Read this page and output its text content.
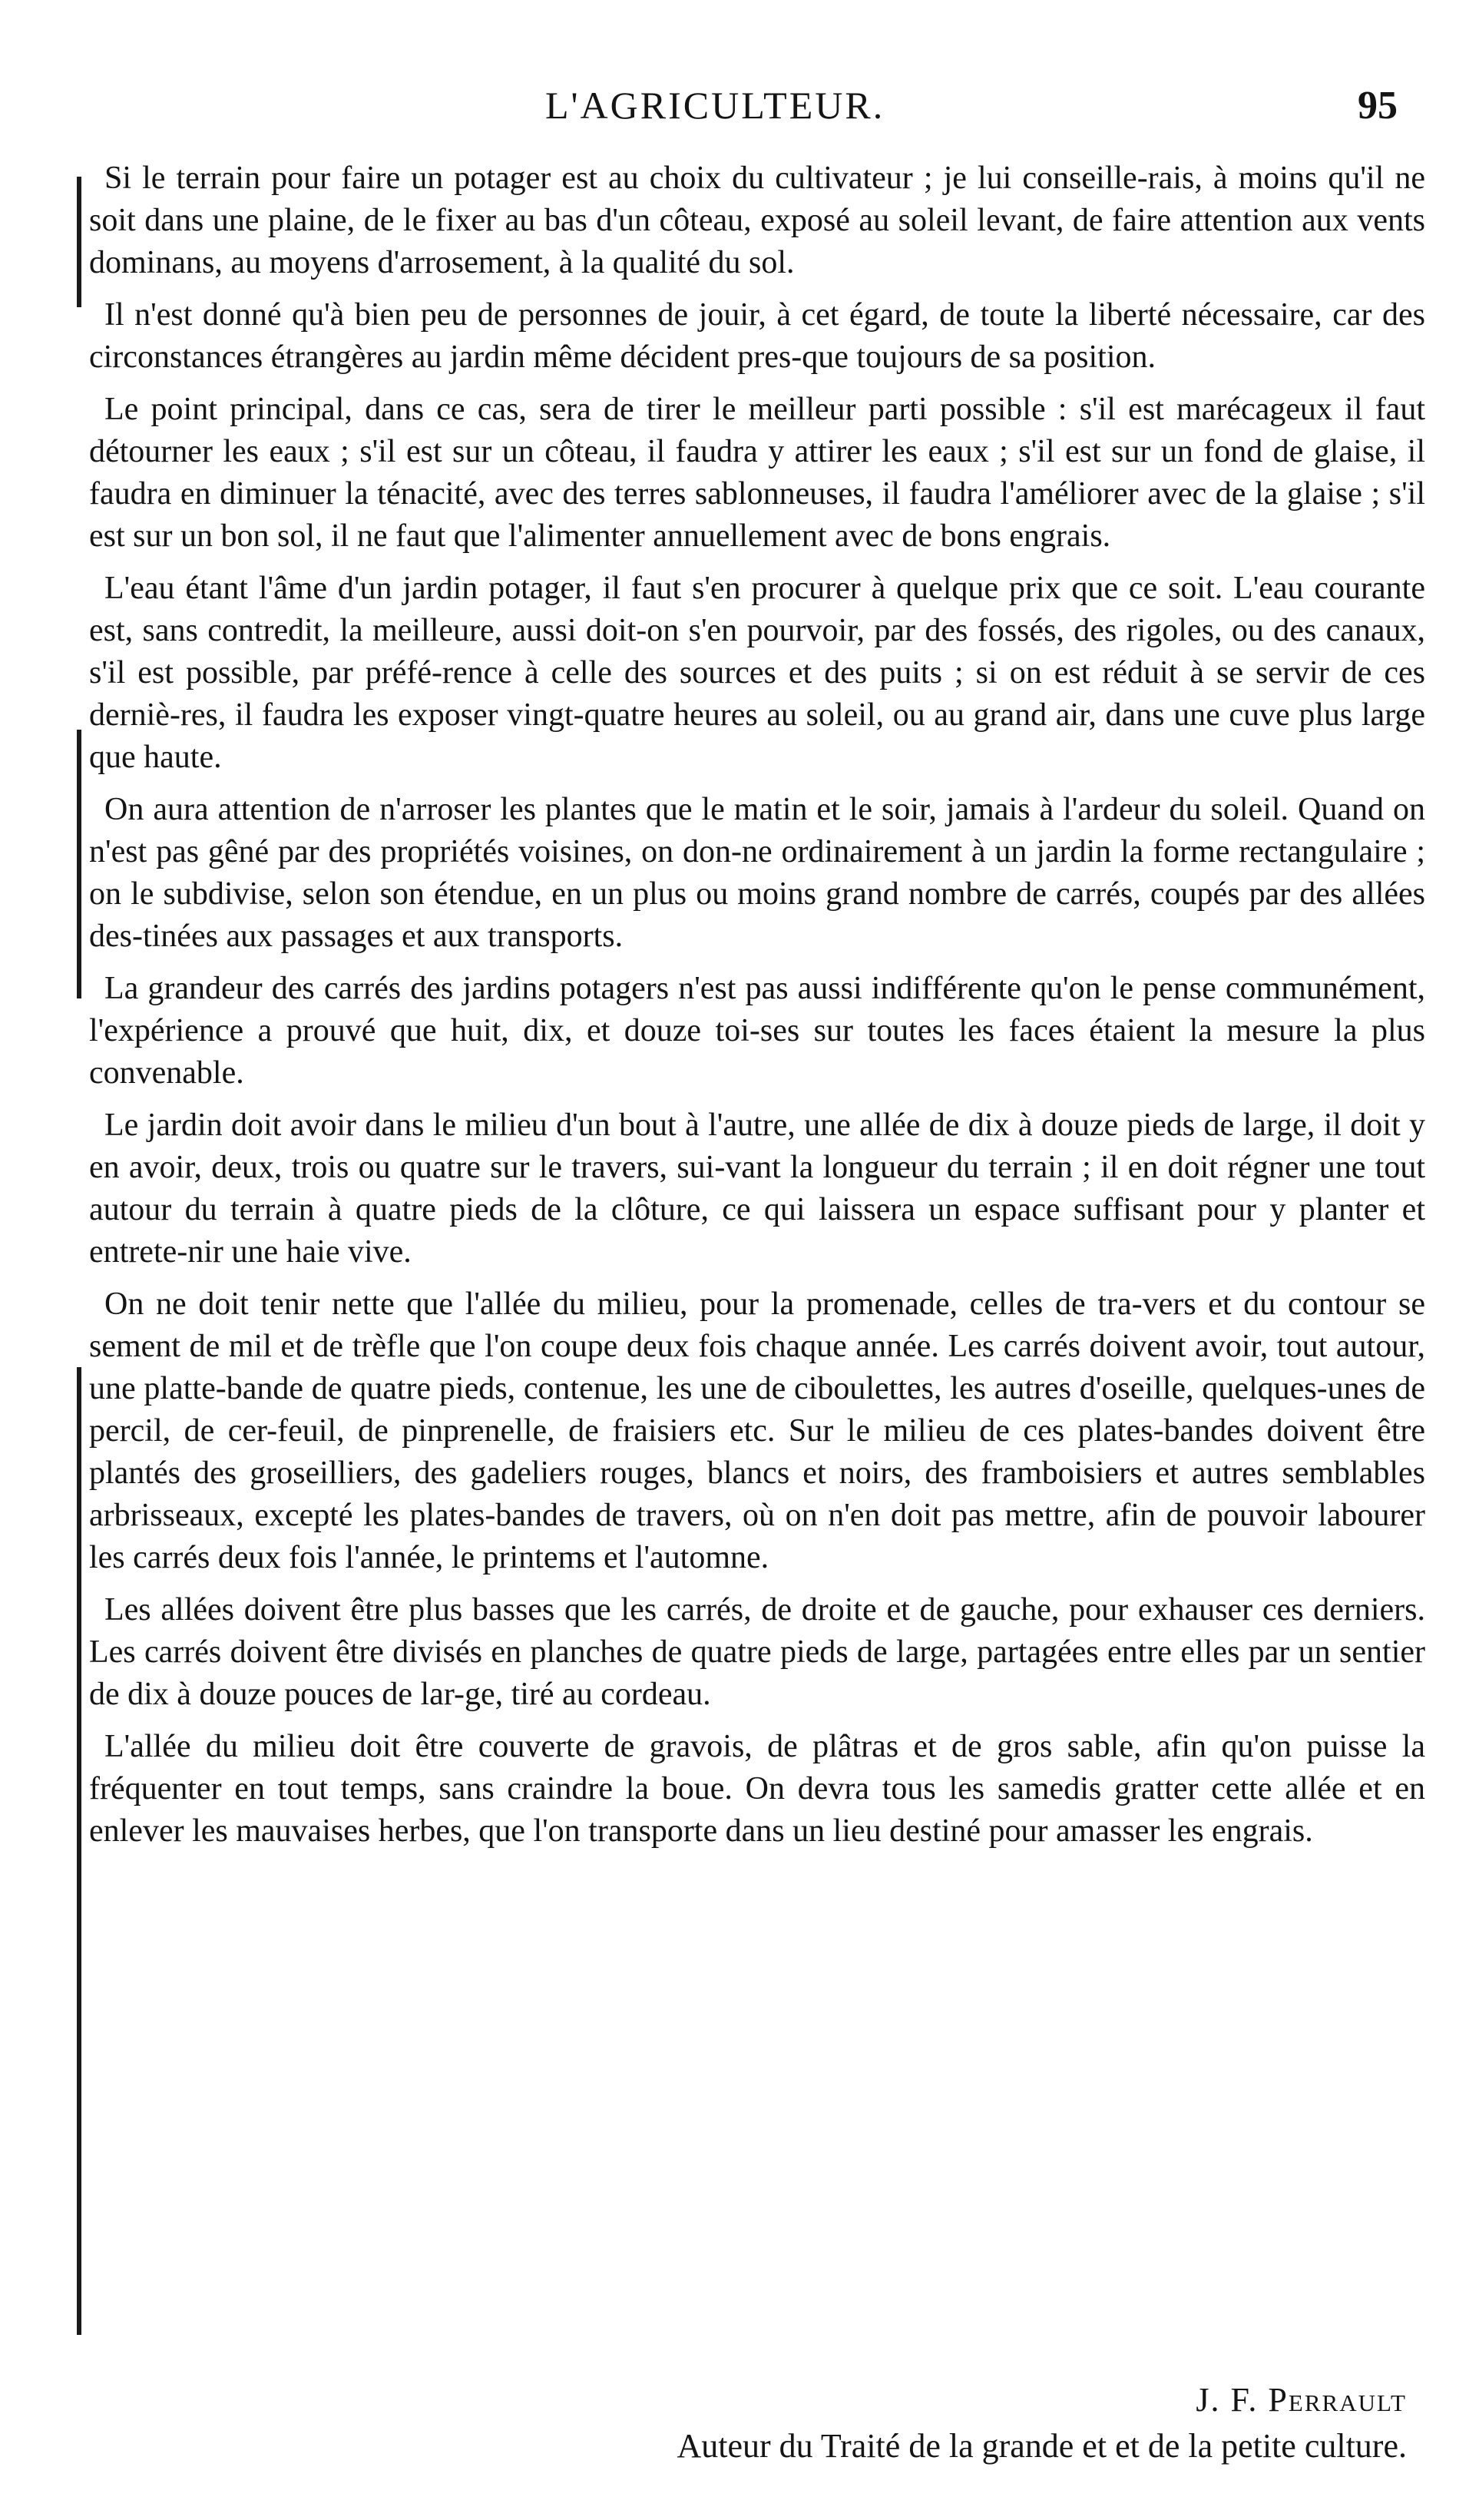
L'AGRICULTEUR.	95

Si le terrain pour faire un potager est au choix du cultivateur ; je lui conseille-rais, à moins qu'il ne soit dans une plaine, de le fixer au bas d'un côteau, exposé au soleil levant, de faire attention aux vents dominans, au moyens d'arrosement, à la qualité du sol.

Il n'est donné qu'à bien peu de personnes de jouir, à cet égard, de toute la liberté nécessaire, car des circonstances étrangères au jardin même décident pres-que toujours de sa position.

Le point principal, dans ce cas, sera de tirer le meilleur parti possible : s'il est marécageux il faut détourner les eaux ; s'il est sur un côteau, il faudra y attirer les eaux ; s'il est sur un fond de glaise, il faudra en diminuer la ténacité, avec des terres sablonneuses, il faudra l'améliorer avec de la glaise ; s'il est sur un bon sol, il ne faut que l'alimenter annuellement avec de bons engrais.

L'eau étant l'âme d'un jardin potager, il faut s'en procurer à quelque prix que ce soit. L'eau courante est, sans contredit, la meilleure, aussi doit-on s'en pourvoir, par des fossés, des rigoles, ou des canaux, s'il est possible, par préfé-rence à celle des sources et des puits ; si on est réduit à se servir de ces derniè-res, il faudra les exposer vingt-quatre heures au soleil, ou au grand air, dans une cuve plus large que haute.

On aura attention de n'arroser les plantes que le matin et le soir, jamais à l'ardeur du soleil. Quand on n'est pas gêné par des propriétés voisines, on don-ne ordinairement à un jardin la forme rectangulaire ; on le subdivise, selon son étendue, en un plus ou moins grand nombre de carrés, coupés par des allées des-tinées aux passages et aux transports.

La grandeur des carrés des jardins potagers n'est pas aussi indifférente qu'on le pense communément, l'expérience a prouvé que huit, dix, et douze toi-ses sur toutes les faces étaient la mesure la plus convenable.

Le jardin doit avoir dans le milieu d'un bout à l'autre, une allée de dix à douze pieds de large, il doit y en avoir, deux, trois ou quatre sur le travers, sui-vant la longueur du terrain ; il en doit régner une tout autour du terrain à quatre pieds de la clôture, ce qui laissera un espace suffisant pour y planter et entrete-nir une haie vive.

On ne doit tenir nette que l'allée du milieu, pour la promenade, celles de tra-vers et du contour se sement de mil et de trèfle que l'on coupe deux fois chaque année. Les carrés doivent avoir, tout autour, une platte-bande de quatre pieds, contenue, les une de ciboulettes, les autres d'oseille, quelques-unes de percil, de cer-feuil, de pinprenelle, de fraisiers etc. Sur le milieu de ces plates-bandes doivent être plantés des groseilliers, des gadeliers rouges, blancs et noirs, des framboisiers et autres semblables arbrisseaux, excepté les plates-bandes de travers, où on n'en doit pas mettre, afin de pouvoir labourer les carrés deux fois l'année, le printems et l'automne.

Les allées doivent être plus basses que les carrés, de droite et de gauche, pour exhauser ces derniers. Les carrés doivent être divisés en planches de quatre pieds de large, partagées entre elles par un sentier de dix à douze pouces de lar-ge, tiré au cordeau.

L'allée du milieu doit être couverte de gravois, de plâtras et de gros sable, afin qu'on puisse la fréquenter en tout temps, sans craindre la boue. On devra tous les samedis gratter cette allée et en enlever les mauvaises herbes, que l'on transporte dans un lieu destiné pour amasser les engrais.

J. F. Perrault
Auteur du Traité de la grande et et de la petite culture.
